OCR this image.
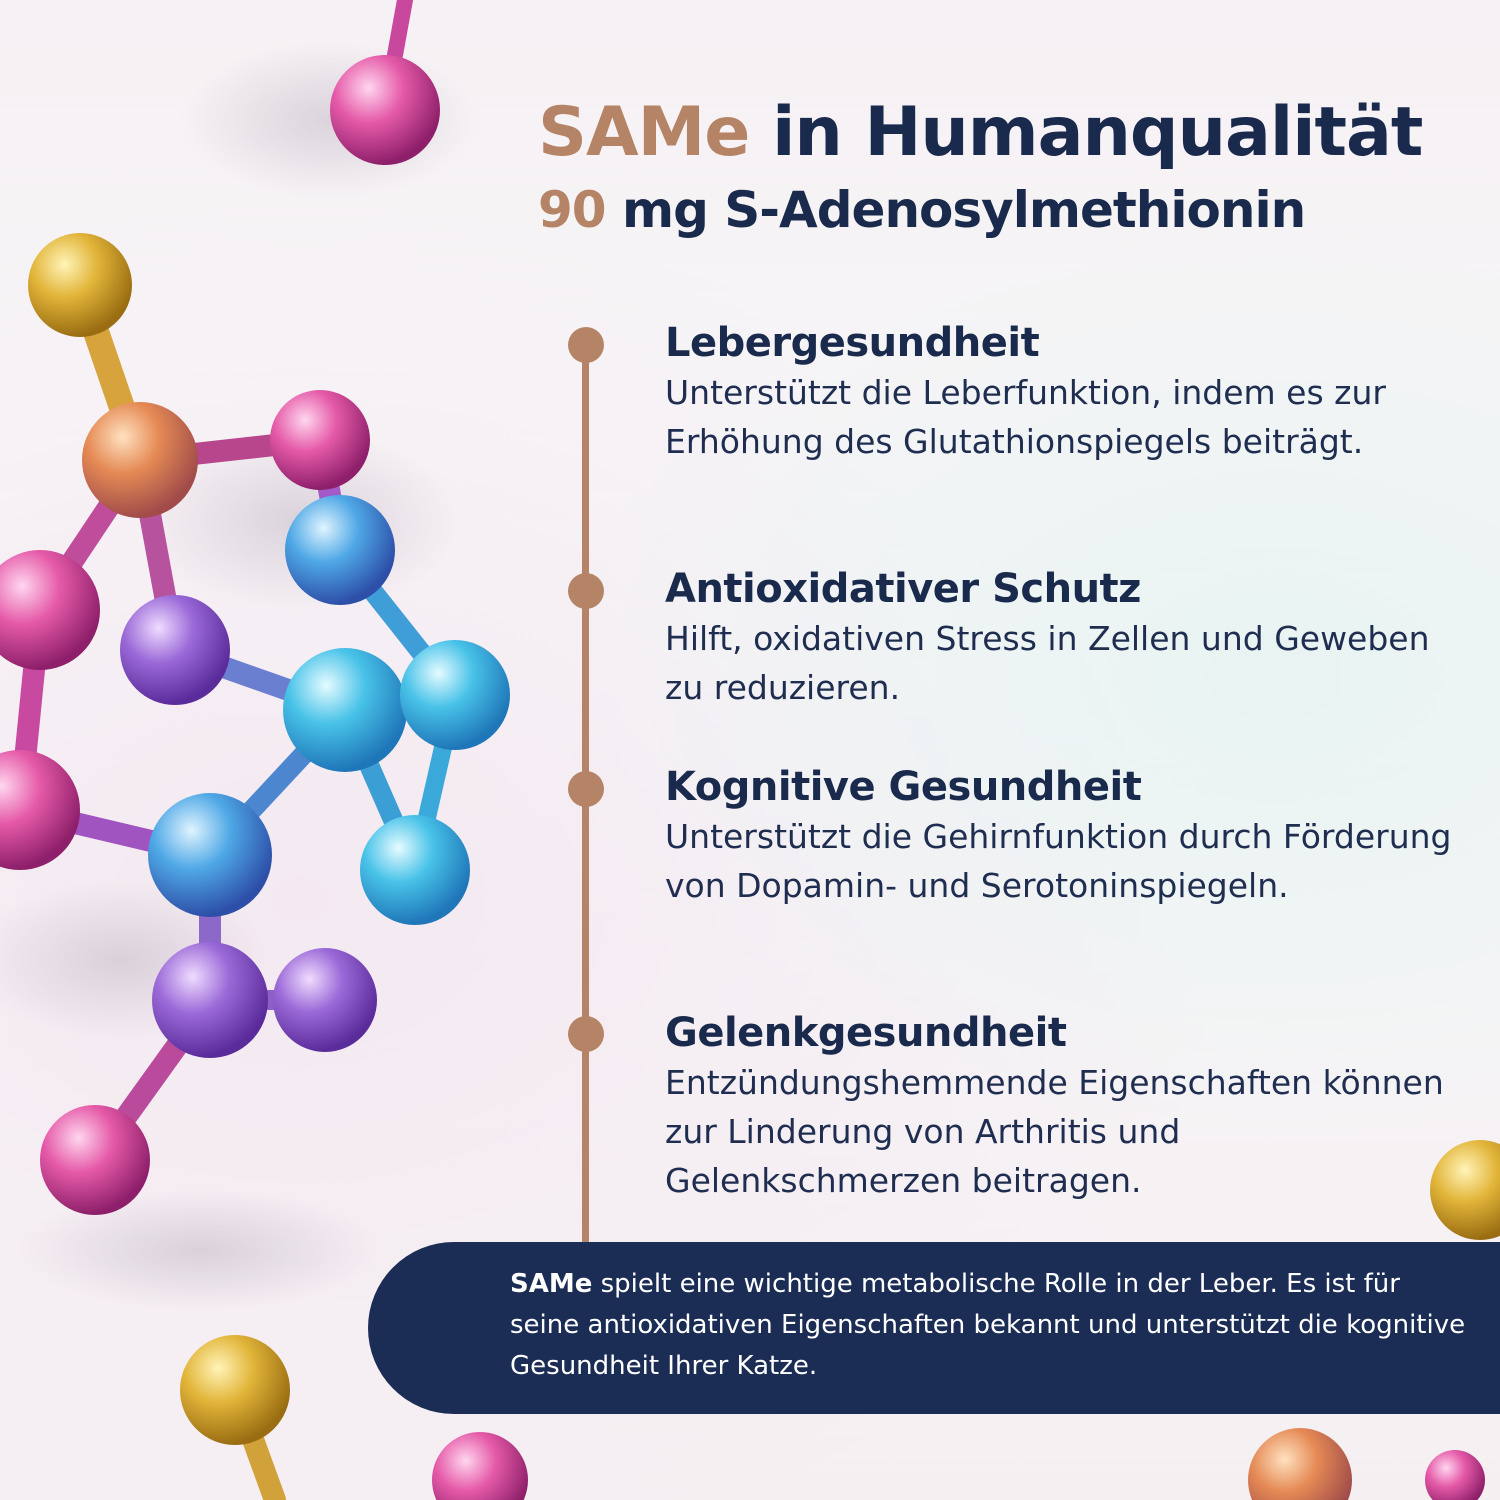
SAMe in Humanqualität
90 mg S-Adenosylmethionin
Lebergesundheit

Unterstützt die Leberfunktion, indem es zur Erhöhung des Glutathionspiegels beiträgt.

Antioxidativer Schutz

Hilft, oxidativen Stress in Zellen und Geweben zu reduzieren.

Kognitive Gesundheit

Unterstützt die Gehirnfunktion durch Förderung von Dopamin- und Serotoninspiegeln.

Gelenkgesundheit

Entzündungshemmende Eigenschaften können zur Linderung von Arthritis und Gelenkschmerzen beitragen.

SAMe spielt eine wichtige metabolische Rolle in der Leber. Es ist für seine antioxidativen Eigenschaften bekannt und unterstützt die kognitive Gesundheit Ihrer Katze.
